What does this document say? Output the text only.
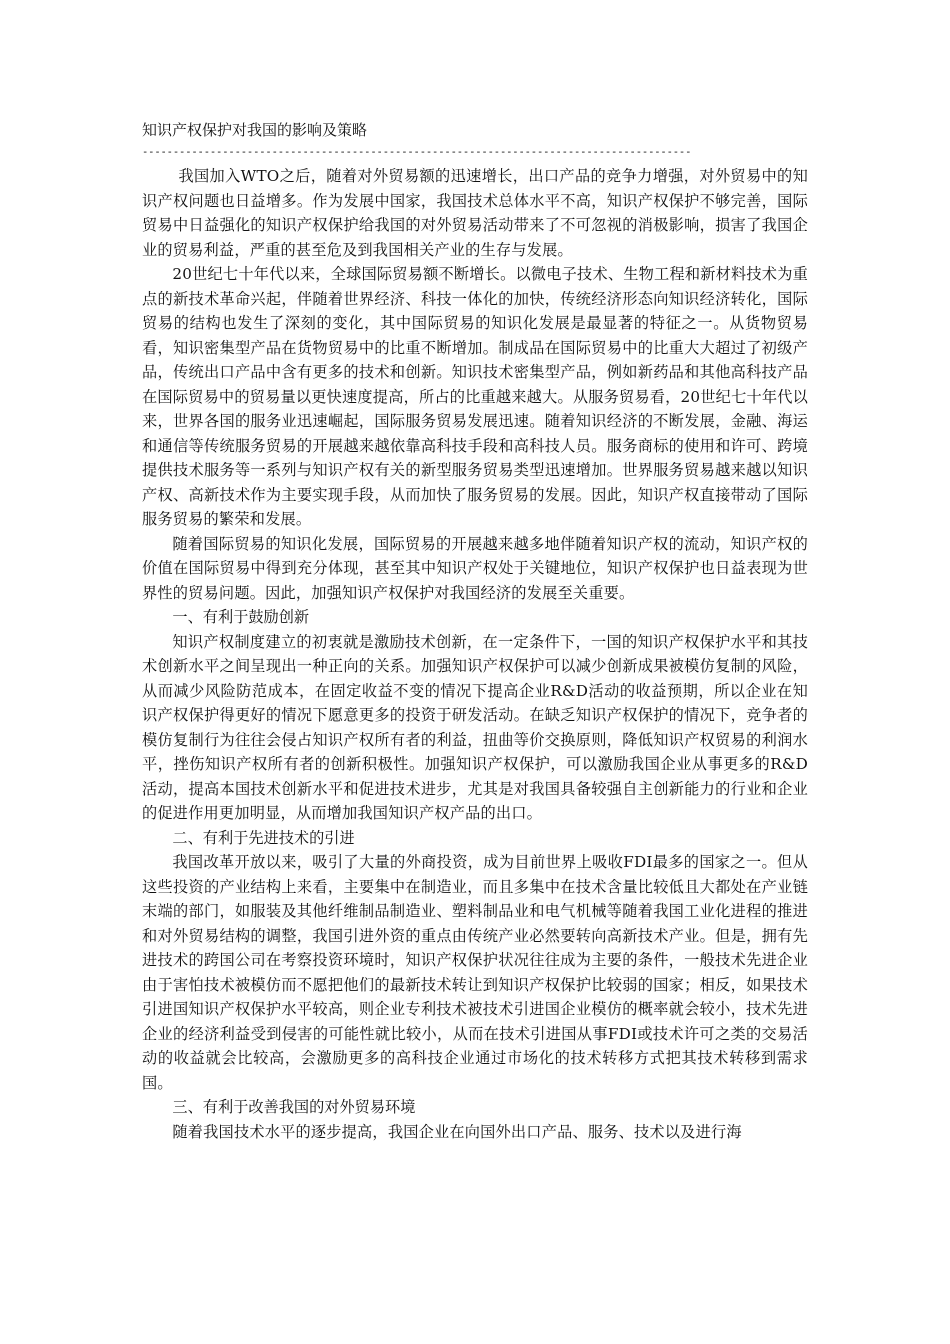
知识产权保护对我国的影响及策略
-----------------------------------------------------------------------------------------

我国加入WTO之后，随着对外贸易额的迅速增长，出口产品的竞争力增强，对外贸易中的知识产权问题也日益增多。作为发展中国家，我国技术总体水平不高，知识产权保护不够完善，国际贸易中日益强化的知识产权保护给我国的对外贸易活动带来了不可忽视的消极影响，损害了我国企业的贸易利益，严重的甚至危及到我国相关产业的生存与发展。

20世纪七十年代以来，全球国际贸易额不断增长。以微电子技术、生物工程和新材料技术为重点的新技术革命兴起，伴随着世界经济、科技一体化的加快，传统经济形态向知识经济转化，国际贸易的结构也发生了深刻的变化，其中国际贸易的知识化发展是最显著的特征之一。从货物贸易看，知识密集型产品在货物贸易中的比重不断增加。制成品在国际贸易中的比重大大超过了初级产品，传统出口产品中含有更多的技术和创新。知识技术密集型产品，例如新药品和其他高科技产品在国际贸易中的贸易量以更快速度提高，所占的比重越来越大。从服务贸易看，20世纪七十年代以来，世界各国的服务业迅速崛起，国际服务贸易发展迅速。随着知识经济的不断发展，金融、海运和通信等传统服务贸易的开展越来越依靠高科技手段和高科技人员。服务商标的使用和许可、跨境提供技术服务等一系列与知识产权有关的新型服务贸易类型迅速增加。世界服务贸易越来越以知识产权、高新技术作为主要实现手段，从而加快了服务贸易的发展。因此，知识产权直接带动了国际服务贸易的繁荣和发展。

随着国际贸易的知识化发展，国际贸易的开展越来越多地伴随着知识产权的流动，知识产权的价值在国际贸易中得到充分体现，甚至其中知识产权处于关键地位，知识产权保护也日益表现为世界性的贸易问题。因此，加强知识产权保护对我国经济的发展至关重要。

一、有利于鼓励创新

知识产权制度建立的初衷就是激励技术创新，在一定条件下，一国的知识产权保护水平和其技术创新水平之间呈现出一种正向的关系。加强知识产权保护可以减少创新成果被模仿复制的风险，从而减少风险防范成本，在固定收益不变的情况下提高企业R&D活动的收益预期，所以企业在知识产权保护得更好的情况下愿意更多的投资于研发活动。在缺乏知识产权保护的情况下，竞争者的模仿复制行为往往会侵占知识产权所有者的利益，扭曲等价交换原则，降低知识产权贸易的利润水平，挫伤知识产权所有者的创新积极性。加强知识产权保护，可以激励我国企业从事更多的R&D活动，提高本国技术创新水平和促进技术进步，尤其是对我国具备较强自主创新能力的行业和企业的促进作用更加明显，从而增加我国知识产权产品的出口。

二、有利于先进技术的引进

我国改革开放以来，吸引了大量的外商投资，成为目前世界上吸收FDI最多的国家之一。但从这些投资的产业结构上来看，主要集中在制造业，而且多集中在技术含量比较低且大都处在产业链末端的部门，如服装及其他纤维制品制造业、塑料制品业和电气机械等随着我国工业化进程的推进和对外贸易结构的调整，我国引进外资的重点由传统产业必然要转向高新技术产业。但是，拥有先进技术的跨国公司在考察投资环境时，知识产权保护状况往往成为主要的条件，一般技术先进企业由于害怕技术被模仿而不愿把他们的最新技术转让到知识产权保护比较弱的国家；相反，如果技术引进国知识产权保护水平较高，则企业专利技术被技术引进国企业模仿的概率就会较小，技术先进企业的经济利益受到侵害的可能性就比较小，从而在技术引进国从事FDI或技术许可之类的交易活动的收益就会比较高，会激励更多的高科技企业通过市场化的技术转移方式把其技术转移到需求国。

三、有利于改善我国的对外贸易环境

随着我国技术水平的逐步提高，我国企业在向国外出口产品、服务、技术以及进行海
